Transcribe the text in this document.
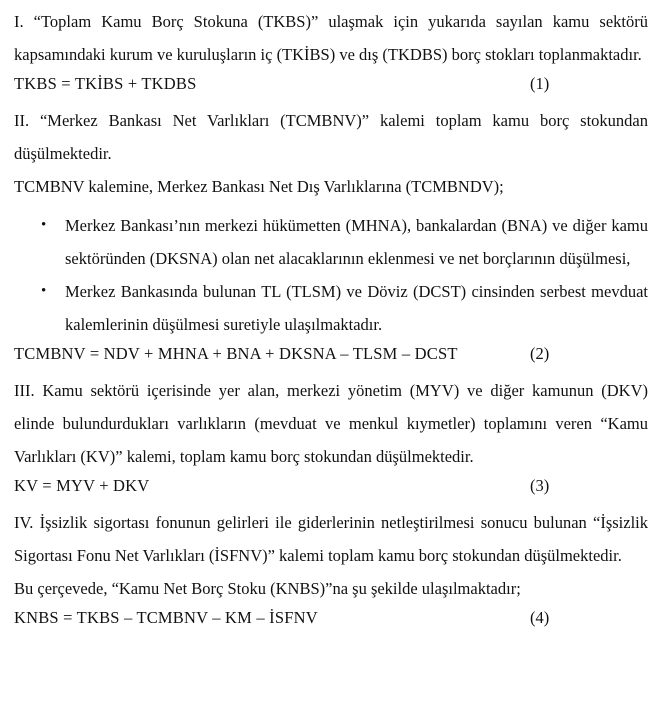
I. “Toplam Kamu Borç Stokuna (TKBS)” ulaşmak için yukarıda sayılan kamu sektörü kapsamındaki kurum ve kuruluşların iç (TKİBS) ve dış (TKDBS) borç stokları toplanmaktadır.

TKBS = TKİBS + TKDBS	(1)

II. “Merkez Bankası Net Varlıkları (TCMBNV)” kalemi toplam kamu borç stokundan düşülmektedir.

TCMBNV kalemine, Merkez Bankası Net Dış Varlıklarına (TCMBNDV);

• Merkez Bankası’nın merkezi hükümetten (MHNA), bankalardan (BNA) ve diğer kamu sektöründen (DKSNA) olan net alacaklarının eklenmesi ve net borçlarının düşülmesi,
• Merkez Bankasında bulunan TL (TLSM) ve Döviz (DCST) cinsinden serbest mevduat kalemlerinin düşülmesi suretiyle ulaşılmaktadır.
TCMBNV = NDV + MHNA + BNA + DKSNA – TLSM – DCST	(2)

III. Kamu sektörü içerisinde yer alan, merkezi yönetim (MYV) ve diğer kamunun (DKV) elinde bulundurdukları varlıkların (mevduat ve menkul kıymetler) toplamını veren “Kamu Varlıkları (KV)” kalemi, toplam kamu borç stokundan düşülmektedir.

KV = MYV + DKV	(3)

IV. İşsizlik sigortası fonunun gelirleri ile giderlerinin netleştirilmesi sonucu bulunan “İşsizlik Sigortası Fonu Net Varlıkları (İSFNV)” kalemi toplam kamu borç stokundan düşülmektedir.

Bu çerçevede, “Kamu Net Borç Stoku (KNBS)”na şu şekilde ulaşılmaktadır;

KNBS = TKBS – TCMBNV – KM – İSFNV	(4)
